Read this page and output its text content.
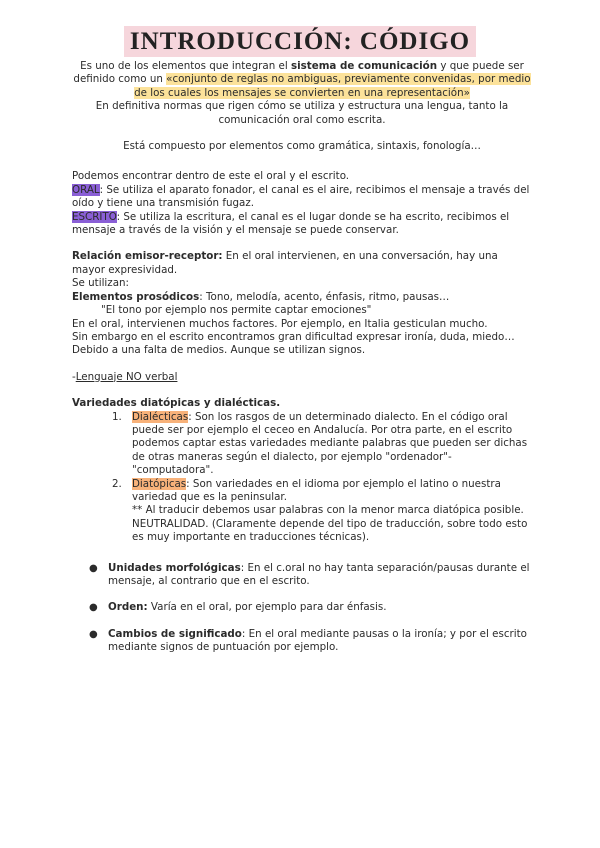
INTRODUCCIÓN: CÓDIGO

Es uno de los elementos que integran el sistema de comunicación y que puede ser definido como un «conjunto de reglas no ambiguas, previamente convenidas, por medio de los cuales los mensajes se convierten en una representación»

En definitiva normas que rigen cómo se utiliza y estructura una lengua, tanto la comunicación oral como escrita.

Está compuesto por elementos como gramática, sintaxis, fonología…

Podemos encontrar dentro de este el oral y el escrito.

ORAL: Se utiliza el aparato fonador, el canal es el aire, recibimos el mensaje a través del oído y tiene una transmisión fugaz.

ESCRITO: Se utiliza la escritura, el canal es el lugar donde se ha escrito, recibimos el mensaje a través de la visión y el mensaje se puede conservar.

Relación emisor-receptor: En el oral intervienen, en una conversación, hay una mayor expresividad.

Se utilizan:

Elementos prosódicos: Tono, melodía, acento, énfasis, ritmo, pausas…

"El tono por ejemplo nos permite captar emociones"

En el oral, intervienen muchos factores. Por ejemplo, en Italia gesticulan mucho.

Sin embargo en el escrito encontramos gran dificultad expresar ironía, duda, miedo…Debido a una falta de medios. Aunque se utilizan signos.

-Lenguaje NO verbal

Variedades diatópicas y dialécticas.

1. Dialécticas: Son los rasgos de un determinado dialecto. En el código oral puede ser por ejemplo el ceceo en Andalucía. Por otra parte, en el escrito podemos captar estas variedades mediante palabras que pueden ser dichas de otras maneras según el dialecto, por ejemplo "ordenador"-"computadora".
2. Diatópicas: Son variedades en el idioma por ejemplo el latino o nuestra variedad que es la peninsular.
** Al traducir debemos usar palabras con la menor marca diatópica posible. NEUTRALIDAD. (Claramente depende del tipo de traducción, sobre todo esto es muy importante en traducciones técnicas).
● Unidades morfológicas: En el c.oral no hay tanta separación/pausas durante el mensaje, al contrario que en el escrito.
● Orden: Varía en el oral, por ejemplo para dar énfasis.
● Cambios de significado: En el oral mediante pausas o la ironía; y por el escrito mediante signos de puntuación por ejemplo.
